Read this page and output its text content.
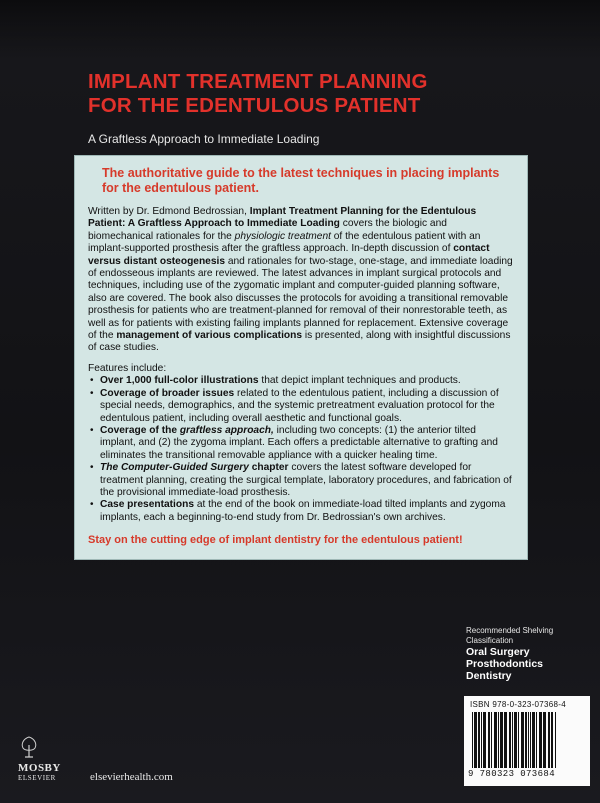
IMPLANT TREATMENT PLANNING
FOR THE EDENTULOUS PATIENT

A Graftless Approach to Immediate Loading

The authoritative guide to the latest techniques in placing implants for the edentulous patient.

Written by Dr. Edmond Bedrossian, Implant Treatment Planning for the Edentulous Patient: A Graftless Approach to Immediate Loading covers the biologic and biomechanical rationales for the physiologic treatment of the edentulous patient with an implant-supported prosthesis after the graftless approach. In-depth discussion of contact versus distant osteogenesis and rationales for two-stage, one-stage, and immediate loading of endosseous implants are reviewed. The latest advances in implant surgical protocols and techniques, including use of the zygomatic implant and computer-guided planning software, also are covered. The book also discusses the protocols for avoiding a transitional removable prosthesis for patients who are treatment-planned for removal of their nonrestorable teeth, as well as for patients with existing failing implants planned for replacement. Extensive coverage of the management of various complications is presented, along with insightful discussions of case studies.

Features include:

• Over 1,000 full-color illustrations that depict implant techniques and products.
• Coverage of broader issues related to the edentulous patient, including a discussion of special needs, demographics, and the systemic pretreatment evaluation protocol for the edentulous patient, including overall aesthetic and functional goals.
• Coverage of the graftless approach, including two concepts: (1) the anterior tilted implant, and (2) the zygoma implant. Each offers a predictable alternative to grafting and eliminates the transitional removable appliance with a quicker healing time.
• The Computer-Guided Surgery chapter covers the latest software developed for treatment planning, creating the surgical template, laboratory procedures, and fabrication of the provisional immediate-load prosthesis.
• Case presentations at the end of the book on immediate-load tilted implants and zygoma implants, each a beginning-to-end study from Dr. Bedrossian's own archives.

Stay on the cutting edge of implant dentistry for the edentulous patient!

Recommended Shelving
Classification
Oral Surgery
Prosthodontics
Dentistry
ISBN 978-0-323-07368-4
9 780323 073684
MOSBY
ELSEVIER	elsevierhealth.com
